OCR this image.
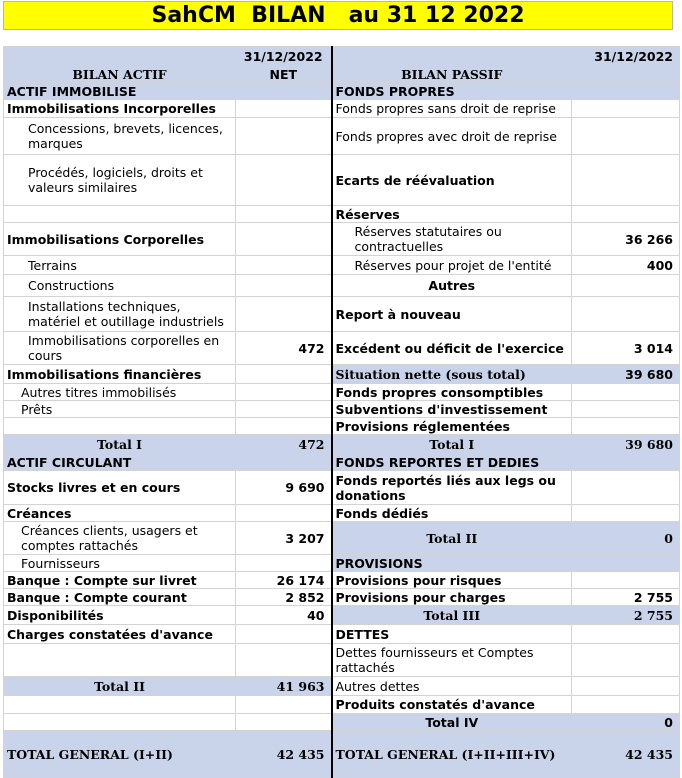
SahCM  BILAN   au 31 12 2022
	31/12/2022		31/12/2022
BILAN ACTIF	NET	BILAN PASSIF	
ACTIF IMMOBILISE		FONDS PROPRES	
Immobilisations Incorporelles		Fonds propres sans droit de reprise	
Concessions, brevets, licences, marques		Fonds propres avec droit de reprise	
Procédés, logiciels, droits et valeurs similaires		Ecarts de réévaluation	
		Réserves	
Immobilisations Corporelles		Réserves statutaires ou contractuelles	36 266
Terrains		Réserves pour projet de l'entité	400
Constructions		Autres	
Installations techniques, matériel et outillage industriels		Report à nouveau	
Immobilisations corporelles en cours	472	Excédent ou déficit de l'exercice	3 014
Immobilisations financières		Situation nette (sous total)	39 680
Autres titres immobilisés		Fonds propres consomptibles	
Prêts		Subventions d'investissement	
		Provisions réglementées	
Total I	472	Total I	39 680
ACTIF CIRCULANT		FONDS REPORTES ET DEDIES	
Stocks livres et en cours	9 690	Fonds reportés liés aux legs ou donations	
Créances		Fonds dédiés	
Créances clients, usagers et comptes rattachés	3 207	Total II	0
Fournisseurs		PROVISIONS	
Banque : Compte sur livret	26 174	Provisions pour risques	
Banque : Compte courant	2 852	Provisions pour charges	2 755
Disponibilités	40	Total III	2 755
Charges constatées d'avance		DETTES	
		Dettes fournisseurs et Comptes rattachés	
Total II	41 963	Autres dettes	
		Produits constatés d'avance	
		Total IV	0
TOTAL GENERAL (I+II)	42 435	TOTAL GENERAL (I+II+III+IV)	42 435
